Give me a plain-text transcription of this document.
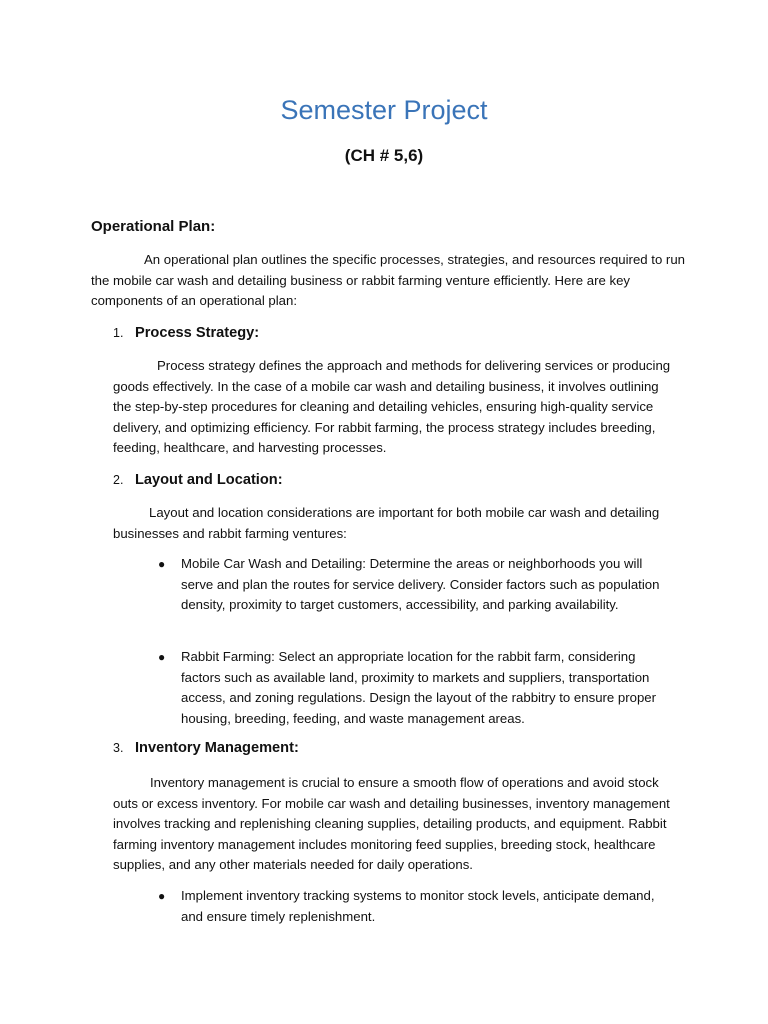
Semester Project
(CH # 5,6)
Operational Plan:

An operational plan outlines the specific processes, strategies, and resources required to run the mobile car wash and detailing business or rabbit farming venture efficiently. Here are key components of an operational plan:

1. Process Strategy:

Process strategy defines the approach and methods for delivering services or producing goods effectively. In the case of a mobile car wash and detailing business, it involves outlining the step-by-step procedures for cleaning and detailing vehicles, ensuring high-quality service delivery, and optimizing efficiency. For rabbit farming, the process strategy includes breeding, feeding, healthcare, and harvesting processes.

2. Layout and Location:

Layout and location considerations are important for both mobile car wash and detailing businesses and rabbit farming ventures:

●	Mobile Car Wash and Detailing: Determine the areas or neighborhoods you will serve and plan the routes for service delivery. Consider factors such as population density, proximity to target customers, accessibility, and parking availability.
●	Rabbit Farming: Select an appropriate location for the rabbit farm, considering factors such as available land, proximity to markets and suppliers, transportation access, and zoning regulations. Design the layout of the rabbitry to ensure proper housing, breeding, feeding, and waste management areas.
3. Inventory Management:

Inventory management is crucial to ensure a smooth flow of operations and avoid stock outs or excess inventory. For mobile car wash and detailing businesses, inventory management involves tracking and replenishing cleaning supplies, detailing products, and equipment. Rabbit farming inventory management includes monitoring feed supplies, breeding stock, healthcare supplies, and any other materials needed for daily operations.

●	Implement inventory tracking systems to monitor stock levels, anticipate demand, and ensure timely replenishment.
